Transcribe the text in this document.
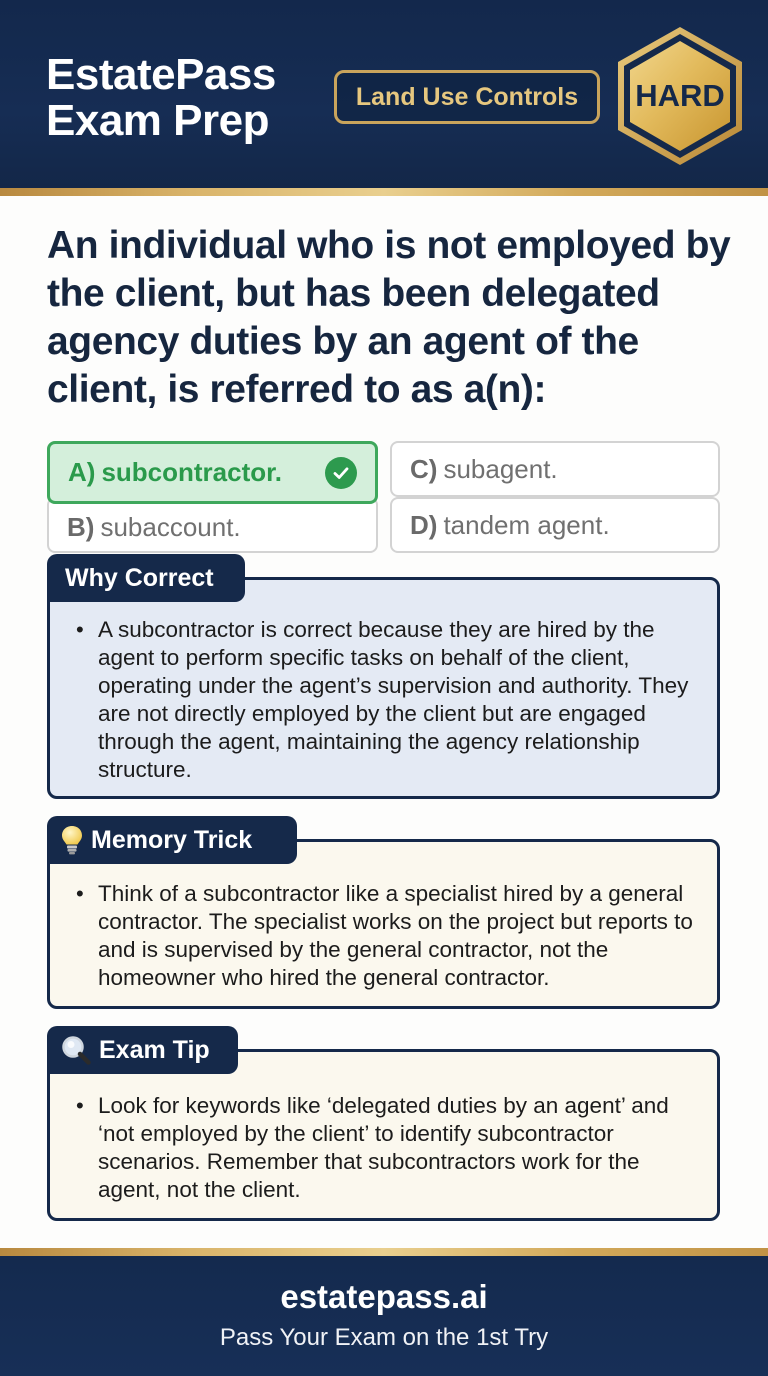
EstatePass
Exam Prep	Land Use Controls	HARD
An individual who is not employed by the client, but has been delegated agency duties by an agent of the client, is referred to as a(n):
A) subcontractor.
B) subaccount.
C) subagent.
D) tandem agent.
Why Correct
• A subcontractor is correct because they are hired by the agent to perform specific tasks on behalf of the client, operating under the agent’s supervision and authority. They are not directly employed by the client but are engaged through the agent, maintaining the agency relationship structure.
Memory Trick
• Think of a subcontractor like a specialist hired by a general contractor. The specialist works on the project but reports to and is supervised by the general contractor, not the homeowner who hired the general contractor.
Exam Tip
• Look for keywords like ‘delegated duties by an agent’ and ‘not employed by the client’ to identify subcontractor scenarios. Remember that subcontractors work for the agent, not the client.
estatepass.ai
Pass Your Exam on the 1st Try
